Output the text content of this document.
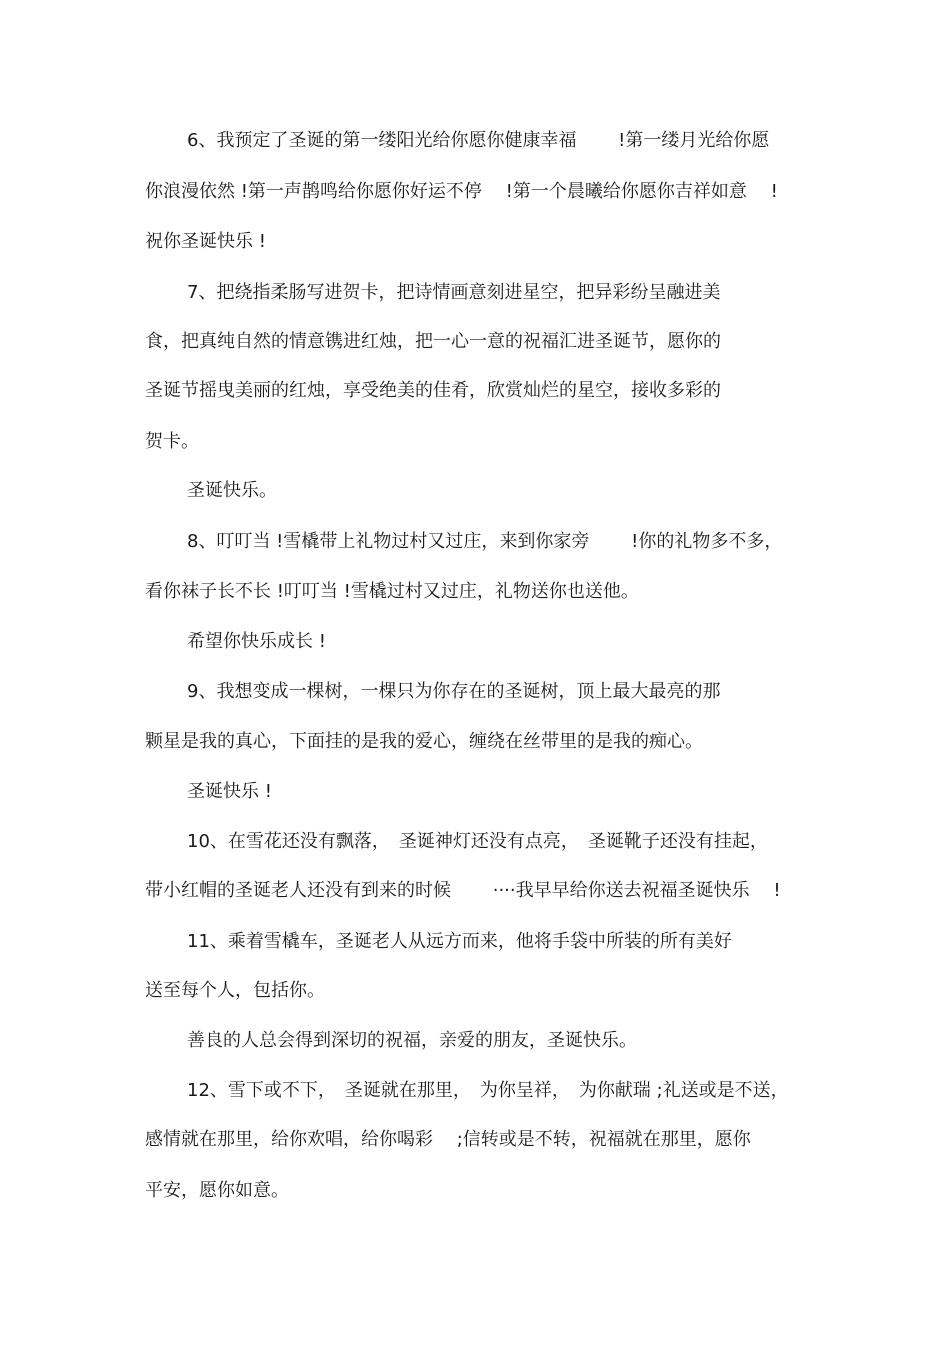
6、我预定了圣诞的第一缕阳光给你愿你健康幸福　　 !第一缕月光给你愿
你浪漫依然 !第一声鹊鸣给你愿你好运不停　 !第一个晨曦给你愿你吉祥如意　 !
祝你圣诞快乐 !
7、把绕指柔肠写进贺卡，把诗情画意刻进星空，把异彩纷呈融进美
食，把真纯自然的情意镌进红烛，把一心一意的祝福汇进圣诞节，愿你的
圣诞节摇曳美丽的红烛，享受绝美的佳肴，欣赏灿烂的星空，接收多彩的
贺卡。
圣诞快乐。
8、叮叮当 !雪橇带上礼物过村又过庄，来到你家旁　　 !你的礼物多不多，
看你袜子长不长 !叮叮当 !雪橇过村又过庄，礼物送你也送他。
希望你快乐成长 !
9、我想变成一棵树，一棵只为你存在的圣诞树，顶上最大最亮的那
颗星是我的真心，下面挂的是我的爱心，缠绕在丝带里的是我的痴心。
圣诞快乐 !
10、在雪花还没有飘落，　圣诞神灯还没有点亮，　圣诞靴子还没有挂起，
带小红帽的圣诞老人还没有到来的时候　　 ····我早早给你送去祝福圣诞快乐　 !
11、乘着雪橇车，圣诞老人从远方而来，他将手袋中所装的所有美好
送至每个人，包括你。
善良的人总会得到深切的祝福，亲爱的朋友，圣诞快乐。
12、雪下或不下，　圣诞就在那里，　为你呈祥，　为你献瑞 ;礼送或是不送，
感情就在那里，给你欢唱，给你喝彩　 ;信转或是不转，祝福就在那里，愿你
平安，愿你如意。
